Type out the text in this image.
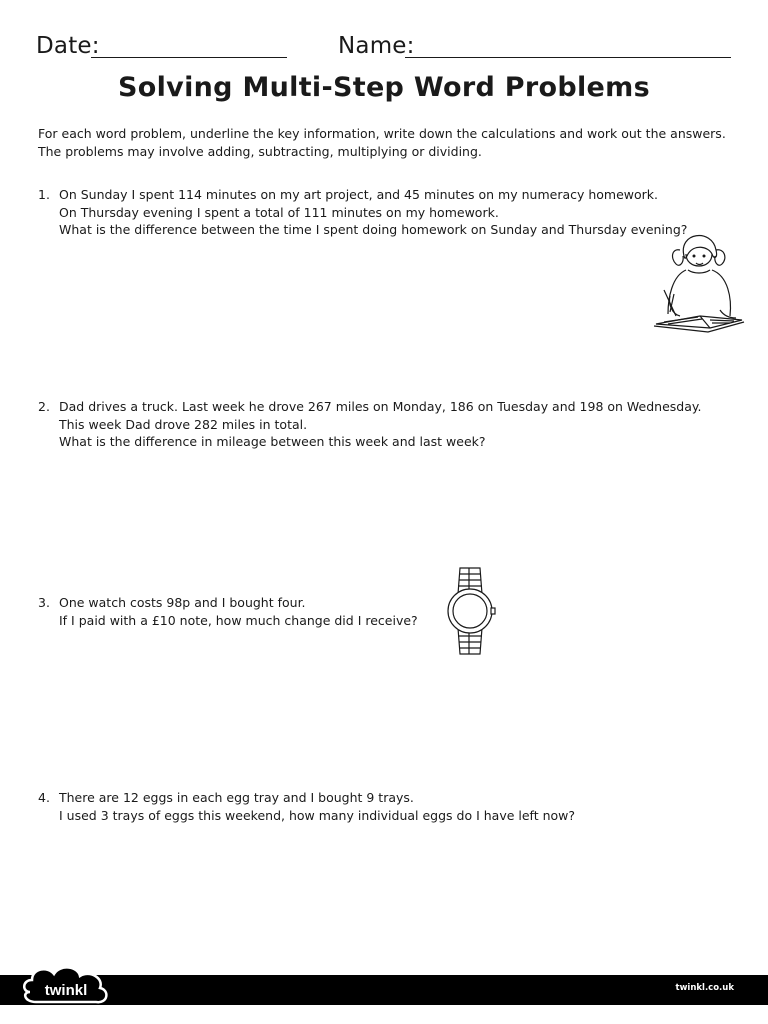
Date:	Name:
Solving Multi-Step Word Problems
For each word problem, underline the key information, write down the calculations and work out the answers.
The problems may involve adding, subtracting, multiplying or dividing.
1. On Sunday I spent 114 minutes on my art project, and 45 minutes on my numeracy homework.
On Thursday evening I spent a total of 111 minutes on my homework.
What is the difference between the time I spent doing homework on Sunday and Thursday evening?
2. Dad drives a truck. Last week he drove 267 miles on Monday, 186 on Tuesday and 198 on Wednesday.
This week Dad drove 282 miles in total.
What is the difference in mileage between this week and last week?
3. One watch costs 98p and I bought four.
If I paid with a £10 note, how much change did I receive?
4. There are 12 eggs in each egg tray and I bought 9 trays.
I used 3 trays of eggs this weekend, how many individual eggs do I have left now?
twinkl	twinkl.co.uk
